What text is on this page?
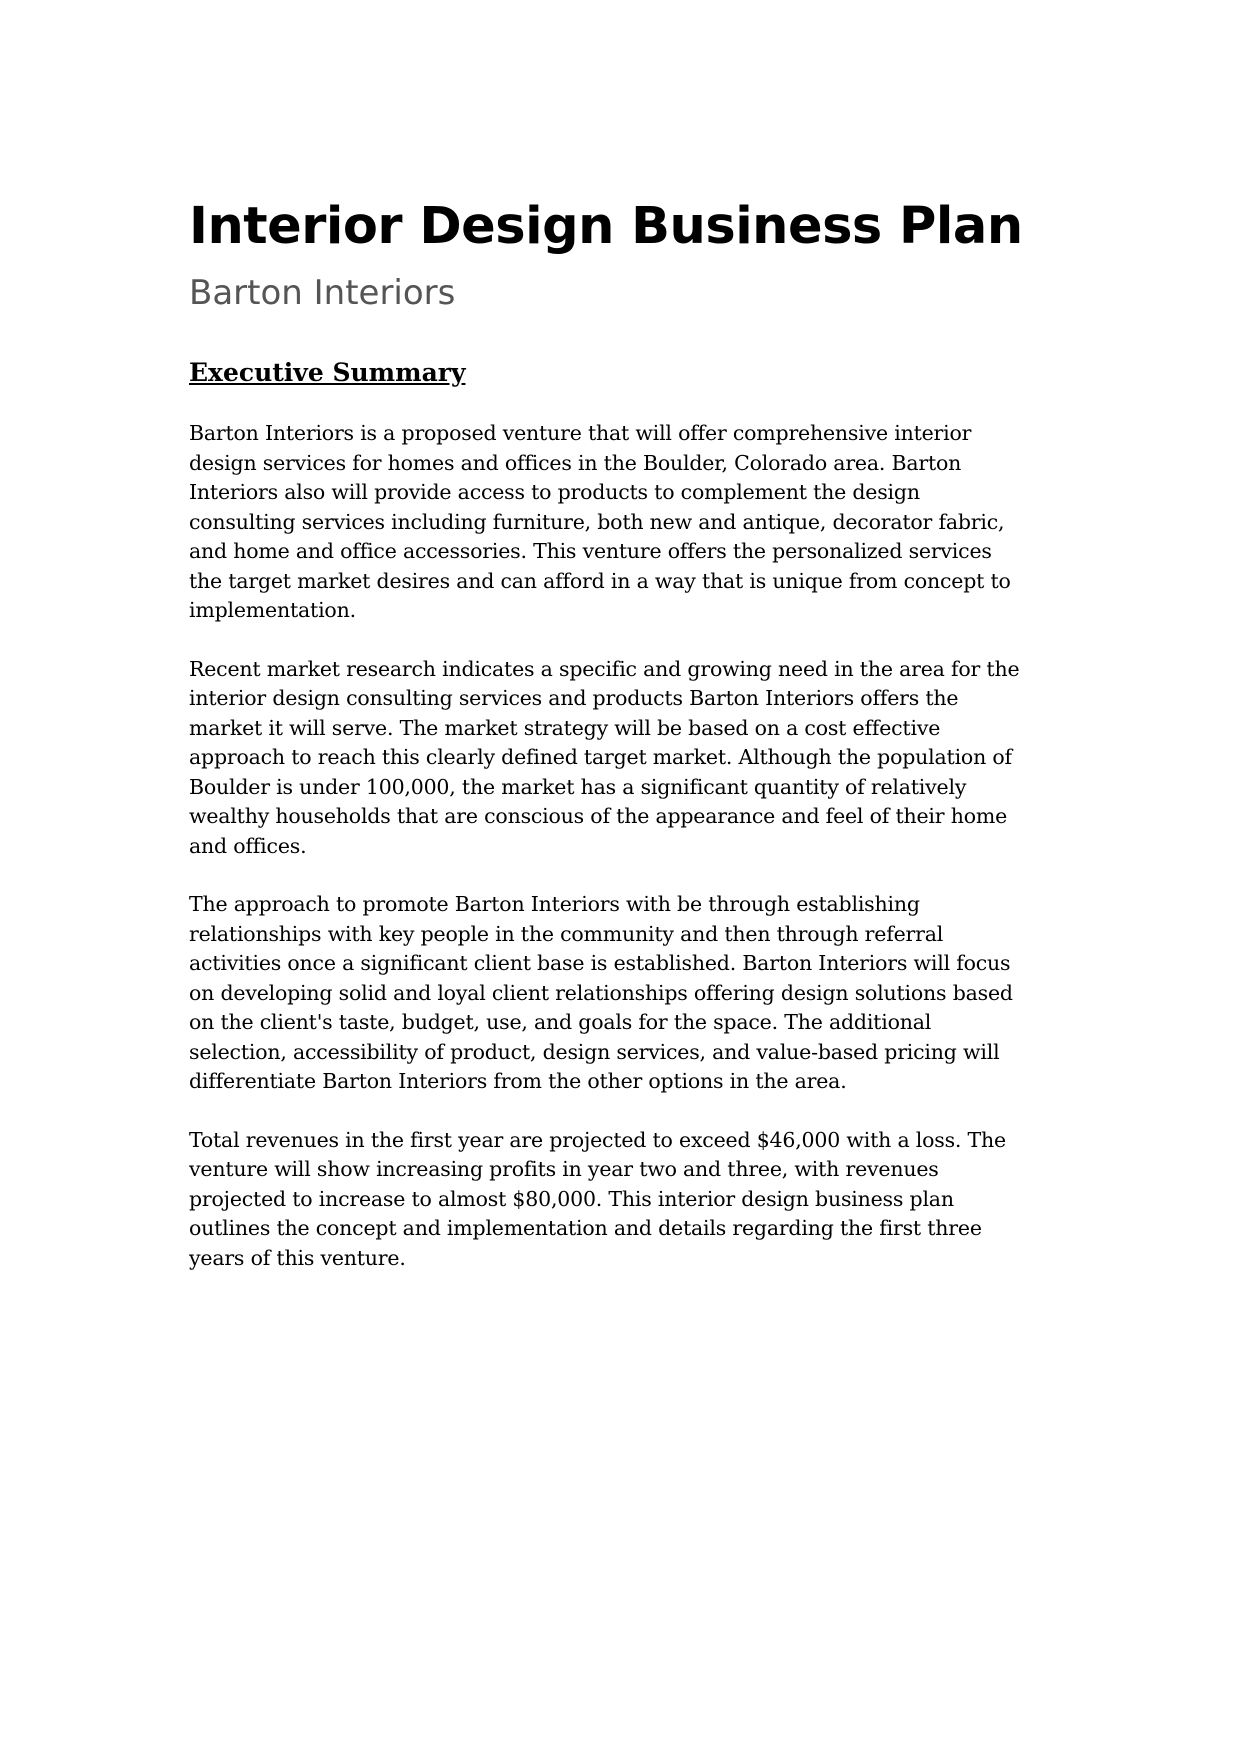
Interior Design Business Plan
Barton Interiors
Executive Summary

Barton Interiors is a proposed venture that will offer comprehensive interior
design services for homes and offices in the Boulder, Colorado area. Barton
Interiors also will provide access to products to complement the design
consulting services including furniture, both new and antique, decorator fabric,
and home and office accessories. This venture offers the personalized services
the target market desires and can afford in a way that is unique from concept to
implementation.

Recent market research indicates a specific and growing need in the area for the
interior design consulting services and products Barton Interiors offers the
market it will serve. The market strategy will be based on a cost effective
approach to reach this clearly defined target market. Although the population of
Boulder is under 100,000, the market has a significant quantity of relatively
wealthy households that are conscious of the appearance and feel of their home
and offices.

The approach to promote Barton Interiors with be through establishing
relationships with key people in the community and then through referral
activities once a significant client base is established. Barton Interiors will focus
on developing solid and loyal client relationships offering design solutions based
on the client's taste, budget, use, and goals for the space. The additional
selection, accessibility of product, design services, and value-based pricing will
differentiate Barton Interiors from the other options in the area.

Total revenues in the first year are projected to exceed $46,000 with a loss. The
venture will show increasing profits in year two and three, with revenues
projected to increase to almost $80,000. This interior design business plan
outlines the concept and implementation and details regarding the first three
years of this venture.
